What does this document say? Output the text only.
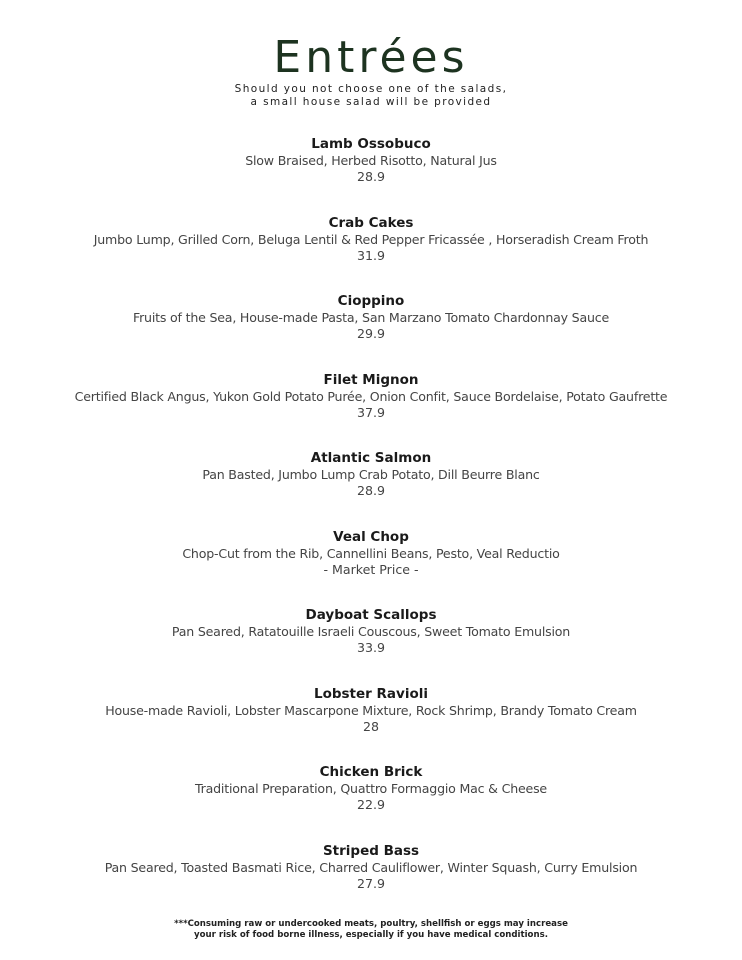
Entrées
Should you not choose one of the salads,
a small house salad will be provided
Lamb Ossobuco
Slow Braised, Herbed Risotto, Natural Jus
28.9
Crab Cakes
Jumbo Lump, Grilled Corn, Beluga Lentil & Red Pepper Fricassée , Horseradish Cream Froth
31.9
Cioppino
Fruits of the Sea, House-made Pasta, San Marzano Tomato Chardonnay Sauce
29.9
Filet Mignon
Certified Black Angus, Yukon Gold Potato Purée, Onion Confit, Sauce Bordelaise, Potato Gaufrette
37.9
Atlantic Salmon
Pan Basted, Jumbo Lump Crab Potato, Dill Beurre Blanc
28.9
Veal Chop
Chop-Cut from the Rib, Cannellini Beans, Pesto, Veal Reductio
- Market Price -
Dayboat Scallops
Pan Seared, Ratatouille Israeli Couscous, Sweet Tomato Emulsion
33.9
Lobster Ravioli
House-made Ravioli, Lobster Mascarpone Mixture, Rock Shrimp, Brandy Tomato Cream
28
Chicken Brick
Traditional Preparation, Quattro Formaggio Mac & Cheese
22.9
Striped Bass
Pan Seared, Toasted Basmati Rice, Charred Cauliflower, Winter Squash, Curry Emulsion
27.9
***Consuming raw or undercooked meats, poultry, shellfish or eggs may increase
your risk of food borne illness, especially if you have medical conditions.
